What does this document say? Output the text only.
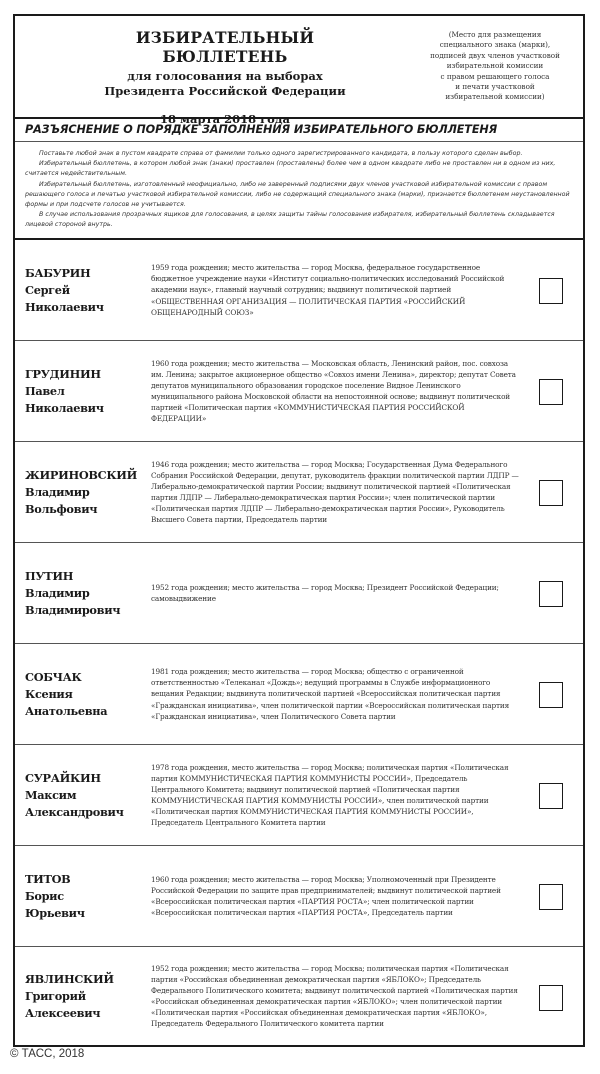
ИЗБИРАТЕЛЬНЫЙ БЮЛЛЕТЕНЬ
для голосования на выборах
Президента Российской Федерации
18 марта 2018 года
(Место для размещения
специального знака (марки),
подписей двух членов участковой
избирательной комиссии
с правом решающего голоса
и печати участковой
избирательной комиссии)
РАЗЪЯСНЕНИЕ О ПОРЯДКЕ ЗАПОЛНЕНИЯ ИЗБИРАТЕЛЬНОГО БЮЛЛЕТЕНЯ

Поставьте любой знак в пустом квадрате справа от фамилии только одного зарегистрированного кандидата, в пользу которого сделан выбор.

Избирательный бюллетень, в котором любой знак (знаки) проставлен (проставлены) более чем в одном квадрате либо не проставлен ни в одном из них, считается недействительным.

Избирательный бюллетень, изготовленный неофициально, либо не заверенный подписями двух членов участковой избирательной комиссии с правом решающего голоса и печатью участковой избирательной комиссии, либо не содержащий специального знака (марки), признается бюллетенем неустановленной формы и при подсчете голосов не учитывается.

В случае использования прозрачных ящиков для голосования, в целях защиты тайны голосования избирателя, избирательный бюллетень складывается лицевой стороной внутрь.

БАБУРИН
Сергей
Николаевич
1959 года рождения; место жительства — город Москва, федеральное государственное бюджетное учреждение науки «Институт социально-политических исследований Российской академии наук», главный научный сотрудник; выдвинут политической партией «ОБЩЕСТВЕННАЯ ОРГАНИЗАЦИЯ — ПОЛИТИЧЕСКАЯ ПАРТИЯ «РОССИЙСКИЙ ОБЩЕНАРОДНЫЙ СОЮЗ»
ГРУДИНИН
Павел
Николаевич
1960 года рождения; место жительства — Московская область, Ленинский район, пос. совхоза им. Ленина; закрытое акционерное общество «Совхоз имени Ленина», директор; депутат Совета депутатов муниципального образования городское поселение Видное Ленинского муниципального района Московской области на непостоянной основе; выдвинут политической партией «Политическая партия «КОММУНИСТИЧЕСКАЯ ПАРТИЯ РОССИЙСКОЙ ФЕДЕРАЦИИ»
ЖИРИНОВСКИЙ
Владимир
Вольфович
1946 года рождения; место жительства — город Москва; Государственная Дума Федерального Собрания Российской Федерации, депутат, руководитель фракции политической партии ЛДПР — Либерально-демократической партии России; выдвинут политической партией «Политическая партия ЛДПР — Либерально-демократическая партия России»; член политической партии «Политическая партия ЛДПР — Либерально-демократическая партия России», Руководитель Высшего Совета партии, Председатель партии
ПУТИН
Владимир
Владимирович
1952 года рождения; место жительства — город Москва; Президент Российской Федерации; самовыдвижение
СОБЧАК
Ксения
Анатольевна
1981 года рождения; место жительства — город Москва; общество с ограниченной ответственностью «Телеканал «Дождь»; ведущий программы в Службе информационного вещания Редакции; выдвинута политической партией «Всероссийская политическая партия «Гражданская инициатива», член политической партии «Всероссийская политическая партия «Гражданская инициатива», член Политического Совета партии
СУРАЙКИН
Максим
Александрович
1978 года рождения, место жительства — город Москва; политическая партия «Политическая партия КОММУНИСТИЧЕСКАЯ ПАРТИЯ КОММУНИСТЫ РОССИИ», Председатель Центрального Комитета; выдвинут политической партией «Политическая партия КОММУНИСТИЧЕСКАЯ ПАРТИЯ КОММУНИСТЫ РОССИИ», член политической партии «Политическая партия КОММУНИСТИЧЕСКАЯ ПАРТИЯ КОММУНИСТЫ РОССИИ», Председатель Центрального Комитета партии
ТИТОВ
Борис
Юрьевич
1960 года рождения; место жительства — город Москва; Уполномоченный при Президенте Российской Федерации по защите прав предпринимателей; выдвинут политической партией «Всероссийская политическая партия «ПАРТИЯ РОСТА»; член политической партии «Всероссийская политическая партия «ПАРТИЯ РОСТА», Председатель партии
ЯВЛИНСКИЙ
Григорий
Алексеевич
1952 года рождения; место жительства — город Москва; политическая партия «Политическая партия «Российская объединенная демократическая партия «ЯБЛОКО»; Председатель Федерального Политического комитета; выдвинут политической партией «Политическая партия «Российская объединенная демократическая партия «ЯБЛОКО»; член политической партии «Политическая партия «Российская объединенная демократическая партия «ЯБЛОКО», Председатель Федерального Политического комитета партии
© ТАСС, 2018
